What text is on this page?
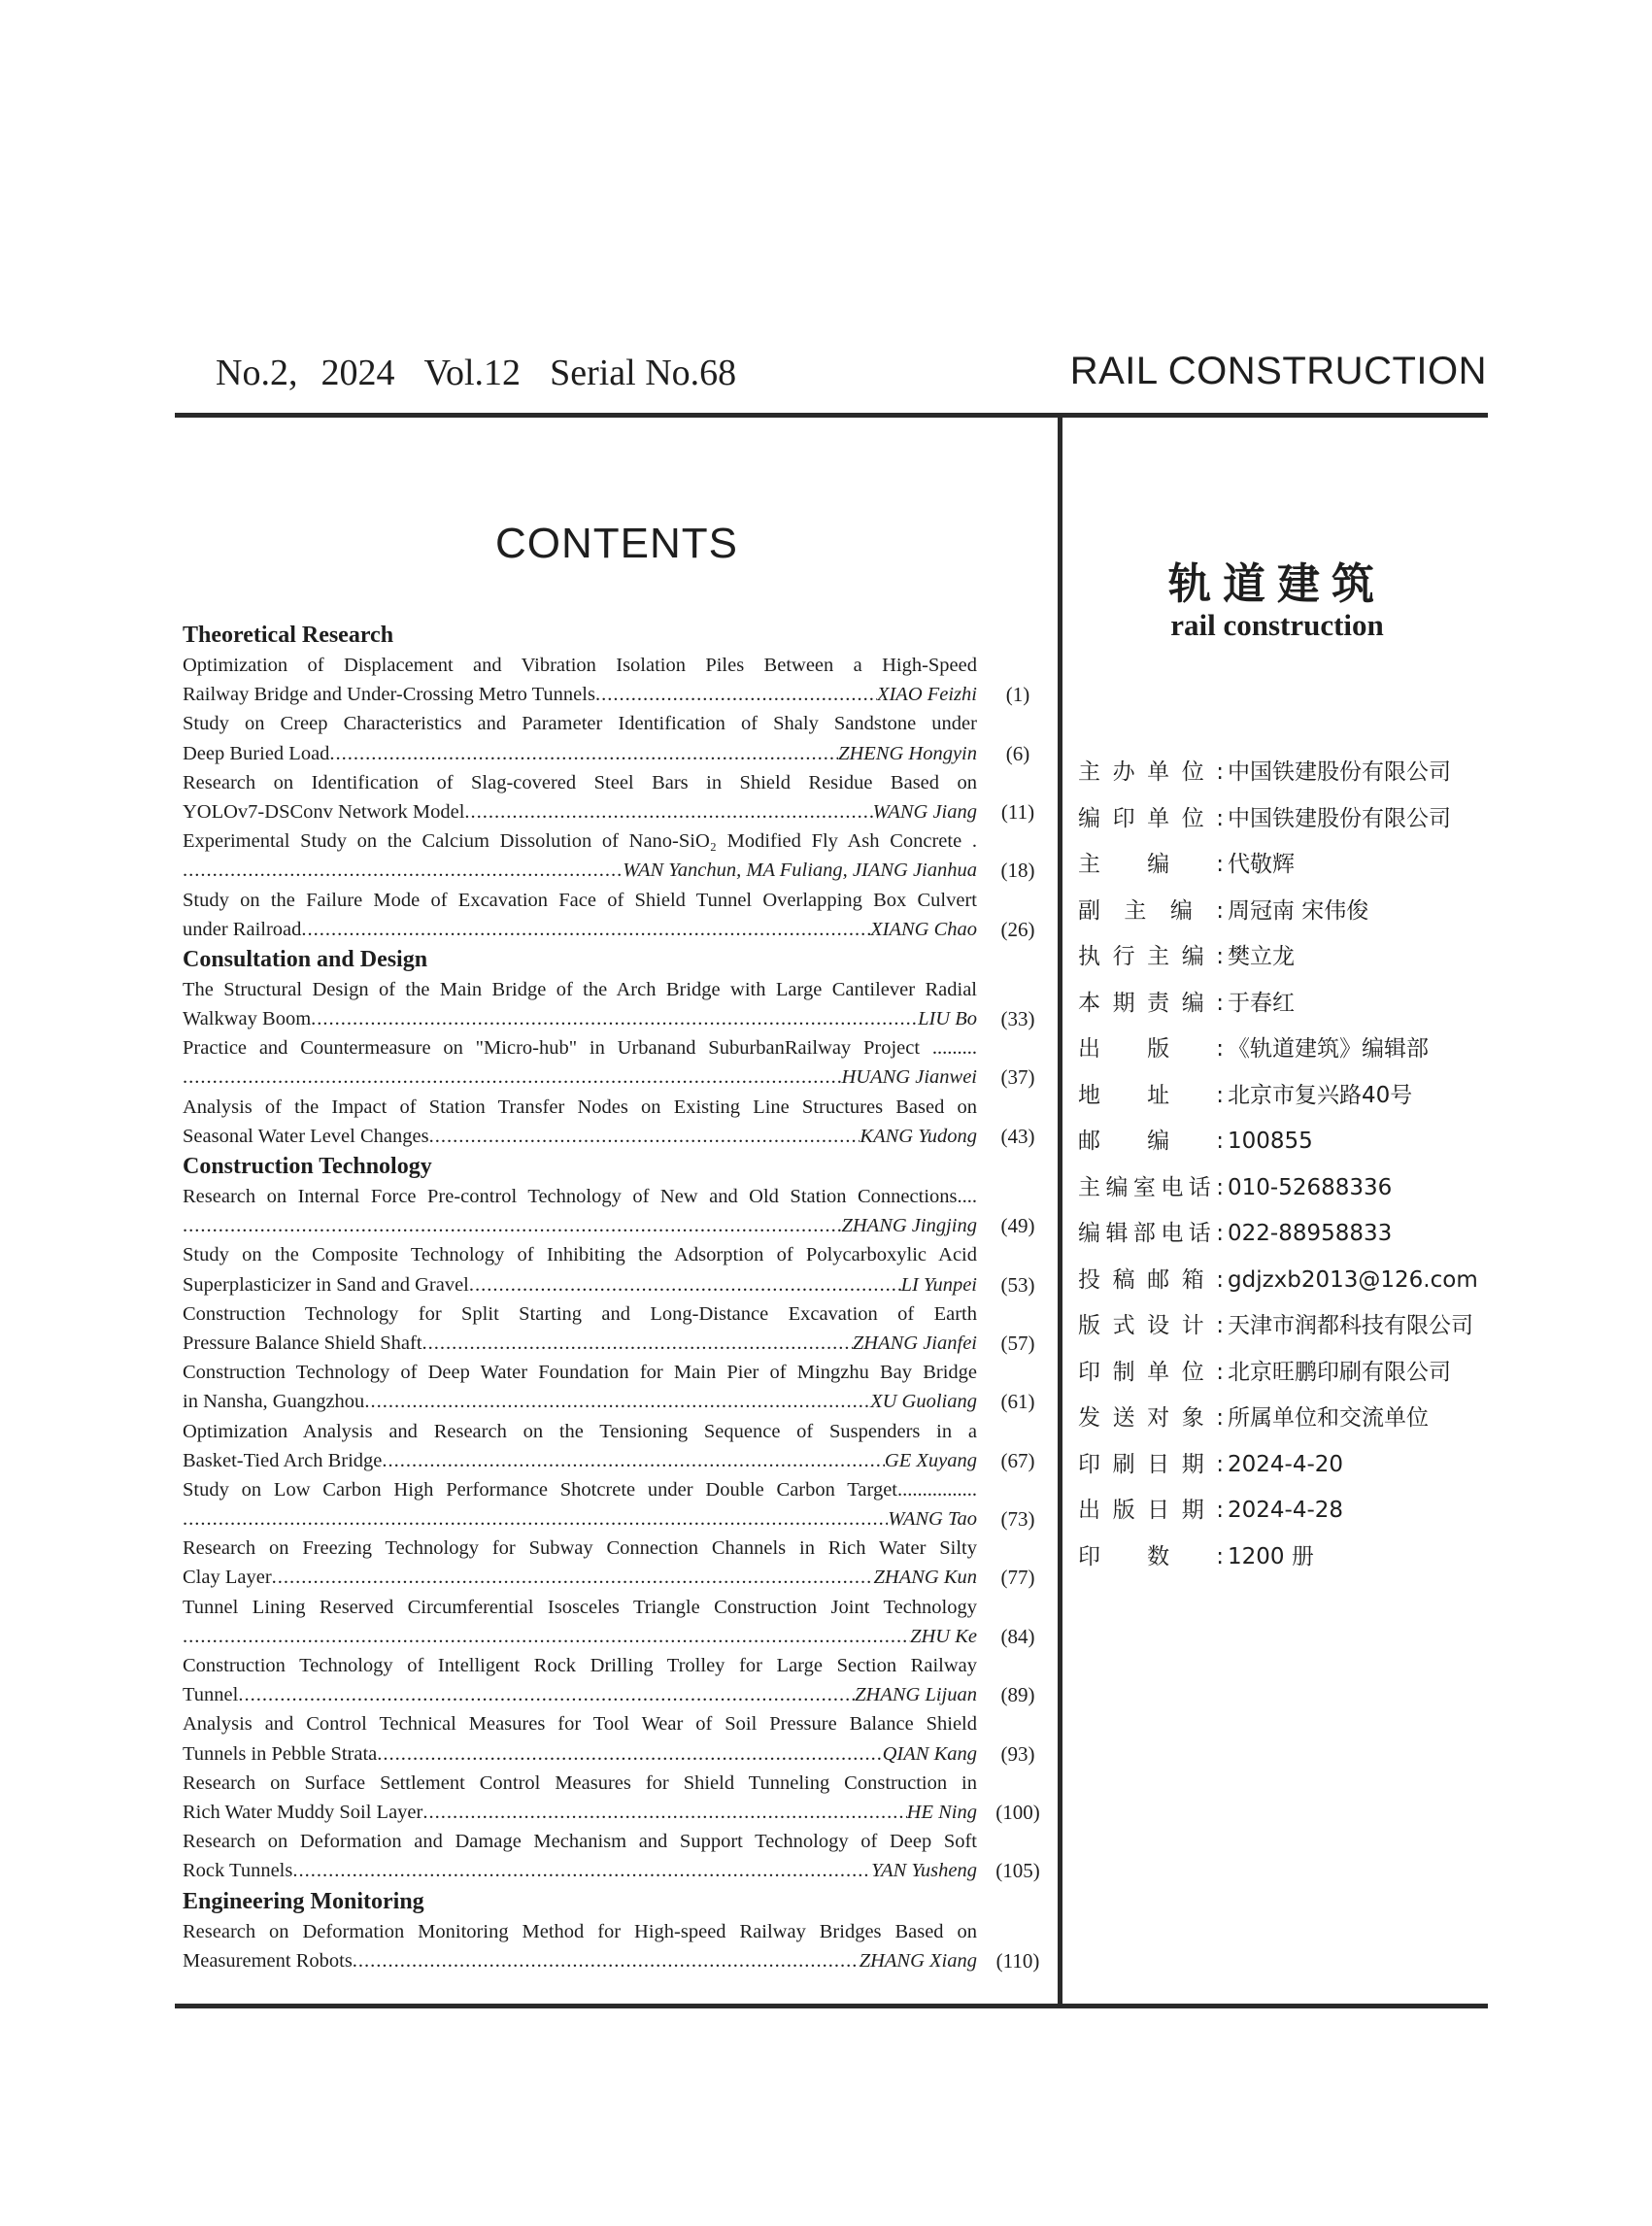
No.2, 2024 Vol.12 Serial No.68	RAIL CONSTRUCTION
CONTENTS
Theoretical Research
Optimization of Displacement and Vibration Isolation Piles Between a High-Speed
Railway Bridge and Under-Crossing Metro Tunnels .....	XIAO Feizhi	(1)
Study on Creep Characteristics and Parameter Identification of Shaly Sandstone under
Deep Buried Load .....	ZHENG Hongyin	(6)
Research on Identification of Slag-covered Steel Bars in Shield Residue Based on
YOLOv7-DSConv Network Model .....	WANG Jiang	(11)
Experimental Study on the Calcium Dissolution of Nano-SiO₂ Modified Fly Ash Concrete .
.....
WAN Yanchun, MA Fuliang, JIANG Jianhua	(18)
Study on the Failure Mode of Excavation Face of Shield Tunnel Overlapping Box Culvert
under Railroad .....	XIANG Chao	(26)
Consultation and Design
The Structural Design of the Main Bridge of the Arch Bridge with Large Cantilever Radial
Walkway Boom .....	LIU Bo	(33)
Practice and Countermeasure on "Micro-hub" in Urbanand SuburbanRailway Project .........
.....
HUANG Jianwei	(37)
Analysis of the Impact of Station Transfer Nodes on Existing Line Structures Based on
Seasonal Water Level Changes .....	KANG Yudong	(43)
Construction Technology
Research on Internal Force Pre-control Technology of New and Old Station Connections....
.....
ZHANG Jingjing	(49)
Study on the Composite Technology of Inhibiting the Adsorption of Polycarboxylic Acid
Superplasticizer in Sand and Gravel .....	LI Yunpei	(53)
Construction Technology for Split Starting and Long-Distance Excavation of Earth
Pressure Balance Shield Shaft .....	ZHANG Jianfei	(57)
Construction Technology of Deep Water Foundation for Main Pier of Mingzhu Bay Bridge
in Nansha, Guangzhou .....	XU Guoliang	(61)
Optimization Analysis and Research on the Tensioning Sequence of Suspenders in a
Basket-Tied Arch Bridge .....	GE Xuyang	(67)
Study on Low Carbon High Performance Shotcrete under Double Carbon Target................
.....
WANG Tao	(73)
Research on Freezing Technology for Subway Connection Channels in Rich Water Silty
Clay Layer .....	ZHANG Kun	(77)
Tunnel Lining Reserved Circumferential Isosceles Triangle Construction Joint Technology
.....
ZHU Ke	(84)
Construction Technology of Intelligent Rock Drilling Trolley for Large Section Railway
Tunnel .....	ZHANG Lijuan	(89)
Analysis and Control Technical Measures for Tool Wear of Soil Pressure Balance Shield
Tunnels in Pebble Strata .....	QIAN Kang	(93)
Research on Surface Settlement Control Measures for Shield Tunneling Construction in
Rich Water Muddy Soil Layer .....	HE Ning (100)
Research on Deformation and Damage Mechanism and Support Technology of Deep Soft
Rock Tunnels .....	YAN Yusheng (105)
Engineering Monitoring
Research on Deformation Monitoring Method for High-speed Railway Bridges Based on
Measurement Robots .....	ZHANG Xiang (110)
轨道建筑
rail construction
主办单位: 中国铁建股份有限公司
编印单位: 中国铁建股份有限公司
主编: 代敬辉
副主编: 周冠南 宋伟俊
执行主编: 樊立龙
本期责编: 于春红
出版: 《轨道建筑》编辑部
地址: 北京市复兴路40号
邮编: 100855
主编室电话: 010-52688336
编辑部电话: 022-88958833
投稿邮箱: gdjzxb2013@126.com
版式设计: 天津市润都科技有限公司
印制单位: 北京旺鹏印刷有限公司
发送对象: 所属单位和交流单位
印刷日期: 2024-4-20
出版日期: 2024-4-28
印数: 1200 册
